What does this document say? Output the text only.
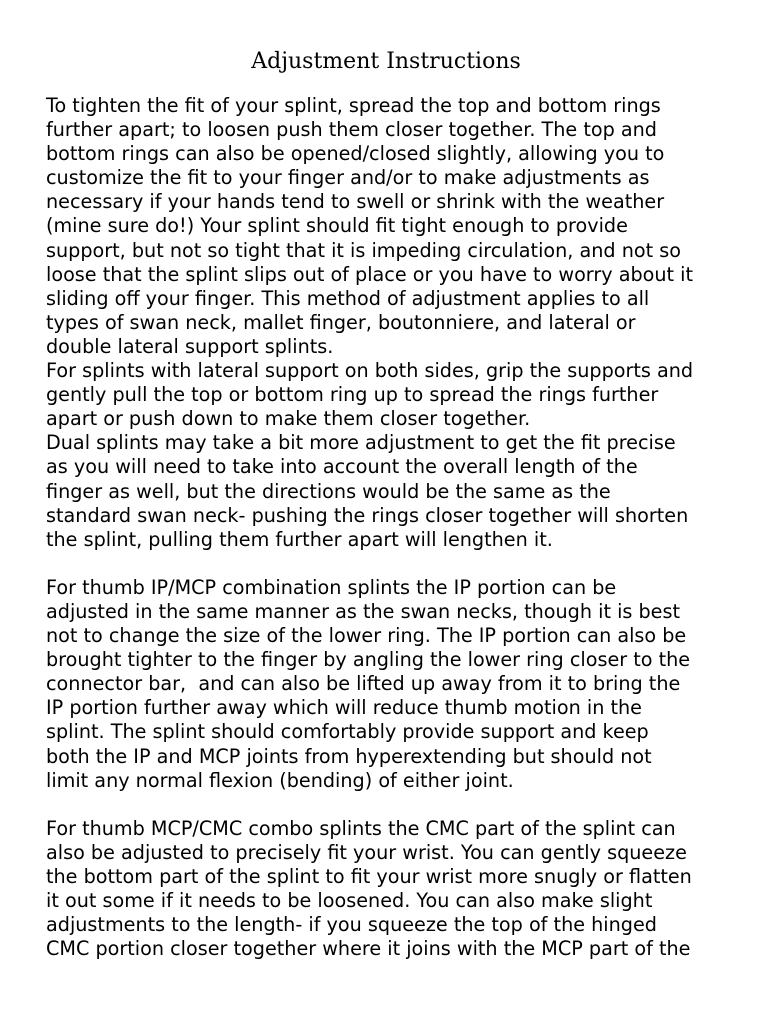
Adjustment Instructions

To tighten the fit of your splint, spread the top and bottom rings
further apart; to loosen push them closer together. The top and
bottom rings can also be opened/closed slightly, allowing you to
customize the fit to your finger and/or to make adjustments as
necessary if your hands tend to swell or shrink with the weather
(mine sure do!) Your splint should fit tight enough to provide
support, but not so tight that it is impeding circulation, and not so
loose that the splint slips out of place or you have to worry about it
sliding off your finger. This method of adjustment applies to all
types of swan neck, mallet finger, boutonniere, and lateral or
double lateral support splints.

For splints with lateral support on both sides, grip the supports and
gently pull the top or bottom ring up to spread the rings further
apart or push down to make them closer together.

Dual splints may take a bit more adjustment to get the fit precise
as you will need to take into account the overall length of the
finger as well, but the directions would be the same as the
standard swan neck- pushing the rings closer together will shorten
the splint, pulling them further apart will lengthen it.

For thumb IP/MCP combination splints the IP portion can be
adjusted in the same manner as the swan necks, though it is best
not to change the size of the lower ring. The IP portion can also be
brought tighter to the finger by angling the lower ring closer to the
connector bar,  and can also be lifted up away from it to bring the
IP portion further away which will reduce thumb motion in the
splint. The splint should comfortably provide support and keep
both the IP and MCP joints from hyperextending but should not
limit any normal flexion (bending) of either joint.

For thumb MCP/CMC combo splints the CMC part of the splint can
also be adjusted to precisely fit your wrist. You can gently squeeze
the bottom part of the splint to fit your wrist more snugly or flatten
it out some if it needs to be loosened. You can also make slight
adjustments to the length- if you squeeze the top of the hinged
CMC portion closer together where it joins with the MCP part of the
